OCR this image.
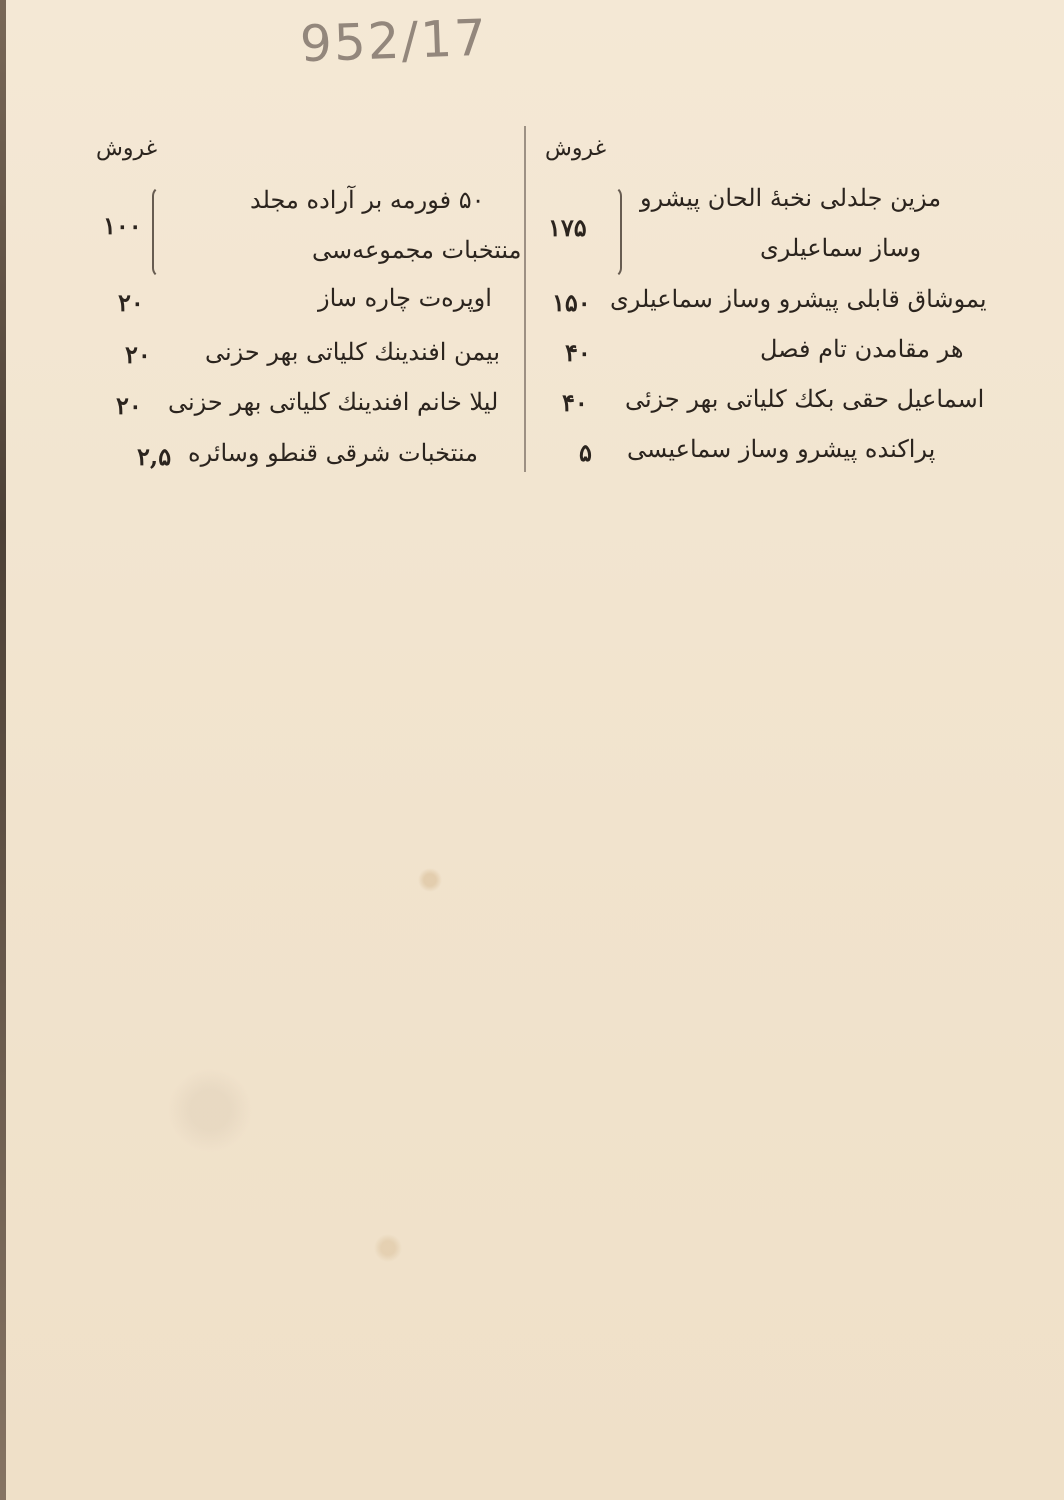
952/17
غروش	غروش
۵۰ فورمه بر آراده مجلد
منتخبات مجموعه‌سی
۱۰۰
اوپره‌ت چاره ساز
۲۰
بیمن افندینك كلیاتی بهر حزنی
۲۰
لیلا خانم افندینك كلیاتی بهر حزنی
۲۰
منتخبات شرقی قنطو وسائره
۲,۵
مزین جلدلی نخبهٔ الحان پیشرو
وساز سماعیلری
۱۷۵
یموشاق قابلی پیشرو وساز سماعیلری
۱۵۰
هر مقامدن تام فصل
۴۰
اسماعیل حقی بكك كلیاتی بهر جزئی
۴۰
پراكنده پیشرو وساز سماعیسی
۵
